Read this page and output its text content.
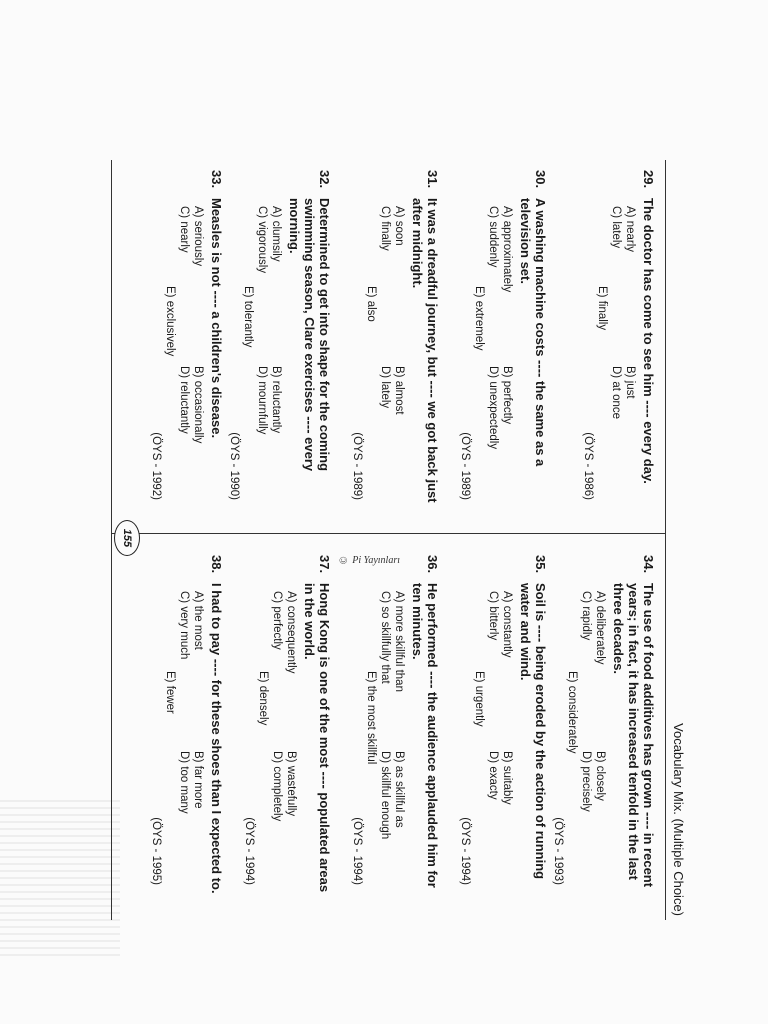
Vocabulary Mix. (Multiple Choice)
© Pi Yayınları
155
29.
The doctor has come to see him ---- every day.
A) nearly
B) just
C) lately
D) at once
E) finally
(ÖYS - 1986)
30.
A washing machine costs ---- the same as a television set.
A) approximately
B) perfectly
C) suddenly
D) unexpectedly
E) extremely
(ÖYS - 1989)
31.
It was a dreadful journey, but ---- we got back just after midnight.
A) soon
B) almost
C) finally
D) lately
E) also
(ÖYS - 1989)
32.
Determined to get into shape for the coming swimming season, Clare exercises ---- every morning.
A) clumsily
B) reluctantly
C) vigorously
D) mournfully
E) tolerantly
(ÖYS - 1990)
33.
Measles is not ---- a children's disease.
A) seriously
B) occasionally
C) nearly
D) reluctantly
E) exclusively
(ÖYS - 1992)
34.
The use of food additives has grown ---- in recent years; in fact, it has increased tenfold in the last three decades.
A) deliberately
B) closely
C) rapidly
D) precisely
E) considerately
(ÖYS - 1993)
35.
Soil is ---- being eroded by the action of running water and wind.
A) constantly
B) suitably
C) bitterly
D) exacty
E) urgently
(ÖYS - 1994)
36.
He performed ---- the audience applauded him for ten minutes.
A) more skillful than
B) as skillful as
C) so skillfully that
D) skillful enough
E) the most skillful
(ÖYS - 1994)
37.
Hong Kong is one of the most ---- populated areas in the world.
A) consequently
B) wastefully
C) perfectly
D) completely
E) densely
(ÖYS - 1994)
38.
I had to pay ---- for these shoes than I expected to.
A) the most
B) far more
C) very much
D) too many
E) fewer
(ÖYS - 1995)
